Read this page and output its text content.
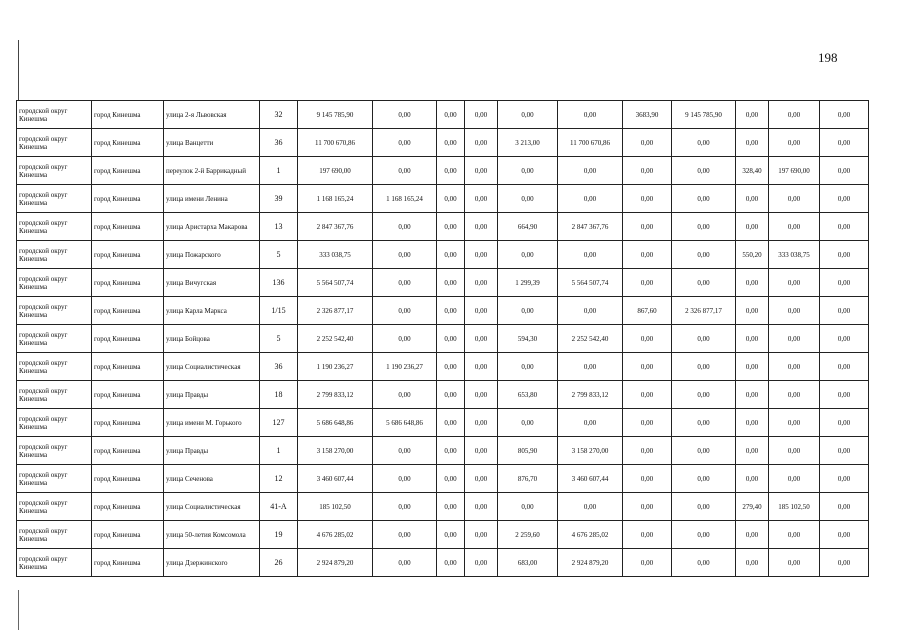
198
городской округ Кинешма	город Кинешма	улица 2-я Львовская	32	9 145 785,90	0,00	0,00	0,00	0,00	0,00	3683,90	9 145 785,90	0,00	0,00	0,00
городской округ Кинешма	город Кинешма	улица Ванцетти	36	11 700 670,86	0,00	0,00	0,00	3 213,00	11 700 670,86	0,00	0,00	0,00	0,00	0,00
городской округ Кинешма	город Кинешма	переулок 2-й Баррикадный	1	197 690,00	0,00	0,00	0,00	0,00	0,00	0,00	0,00	328,40	197 690,00	0,00
городской округ Кинешма	город Кинешма	улица имени Ленина	39	1 168 165,24	1 168 165,24	0,00	0,00	0,00	0,00	0,00	0,00	0,00	0,00	0,00
городской округ Кинешма	город Кинешма	улица Аристарха Макарова	13	2 847 367,76	0,00	0,00	0,00	664,90	2 847 367,76	0,00	0,00	0,00	0,00	0,00
городской округ Кинешма	город Кинешма	улица Пожарского	5	333 038,75	0,00	0,00	0,00	0,00	0,00	0,00	0,00	550,20	333 038,75	0,00
городской округ Кинешма	город Кинешма	улица Вичугская	136	5 564 507,74	0,00	0,00	0,00	1 299,39	5 564 507,74	0,00	0,00	0,00	0,00	0,00
городской округ Кинешма	город Кинешма	улица Карла Маркса	1/15	2 326 877,17	0,00	0,00	0,00	0,00	0,00	867,60	2 326 877,17	0,00	0,00	0,00
городской округ Кинешма	город Кинешма	улица Бойцова	5	2 252 542,40	0,00	0,00	0,00	594,30	2 252 542,40	0,00	0,00	0,00	0,00	0,00
городской округ Кинешма	город Кинешма	улица Социалистическая	36	1 190 236,27	1 190 236,27	0,00	0,00	0,00	0,00	0,00	0,00	0,00	0,00	0,00
городской округ Кинешма	город Кинешма	улица Правды	18	2 799 833,12	0,00	0,00	0,00	653,80	2 799 833,12	0,00	0,00	0,00	0,00	0,00
городской округ Кинешма	город Кинешма	улица имени М. Горького	127	5 686 648,86	5 686 648,86	0,00	0,00	0,00	0,00	0,00	0,00	0,00	0,00	0,00
городской округ Кинешма	город Кинешма	улица Правды	1	3 158 270,00	0,00	0,00	0,00	805,90	3 158 270,00	0,00	0,00	0,00	0,00	0,00
городской округ Кинешма	город Кинешма	улица Сеченова	12	3 460 607,44	0,00	0,00	0,00	876,70	3 460 607,44	0,00	0,00	0,00	0,00	0,00
городской округ Кинешма	город Кинешма	улица Социалистическая	41-А	185 102,50	0,00	0,00	0,00	0,00	0,00	0,00	0,00	279,40	185 102,50	0,00
городской округ Кинешма	город Кинешма	улица 50-летия Комсомола	19	4 676 285,02	0,00	0,00	0,00	2 259,60	4 676 285,02	0,00	0,00	0,00	0,00	0,00
городской округ Кинешма	город Кинешма	улица Дзержинского	26	2 924 879,20	0,00	0,00	0,00	683,00	2 924 879,20	0,00	0,00	0,00	0,00	0,00
